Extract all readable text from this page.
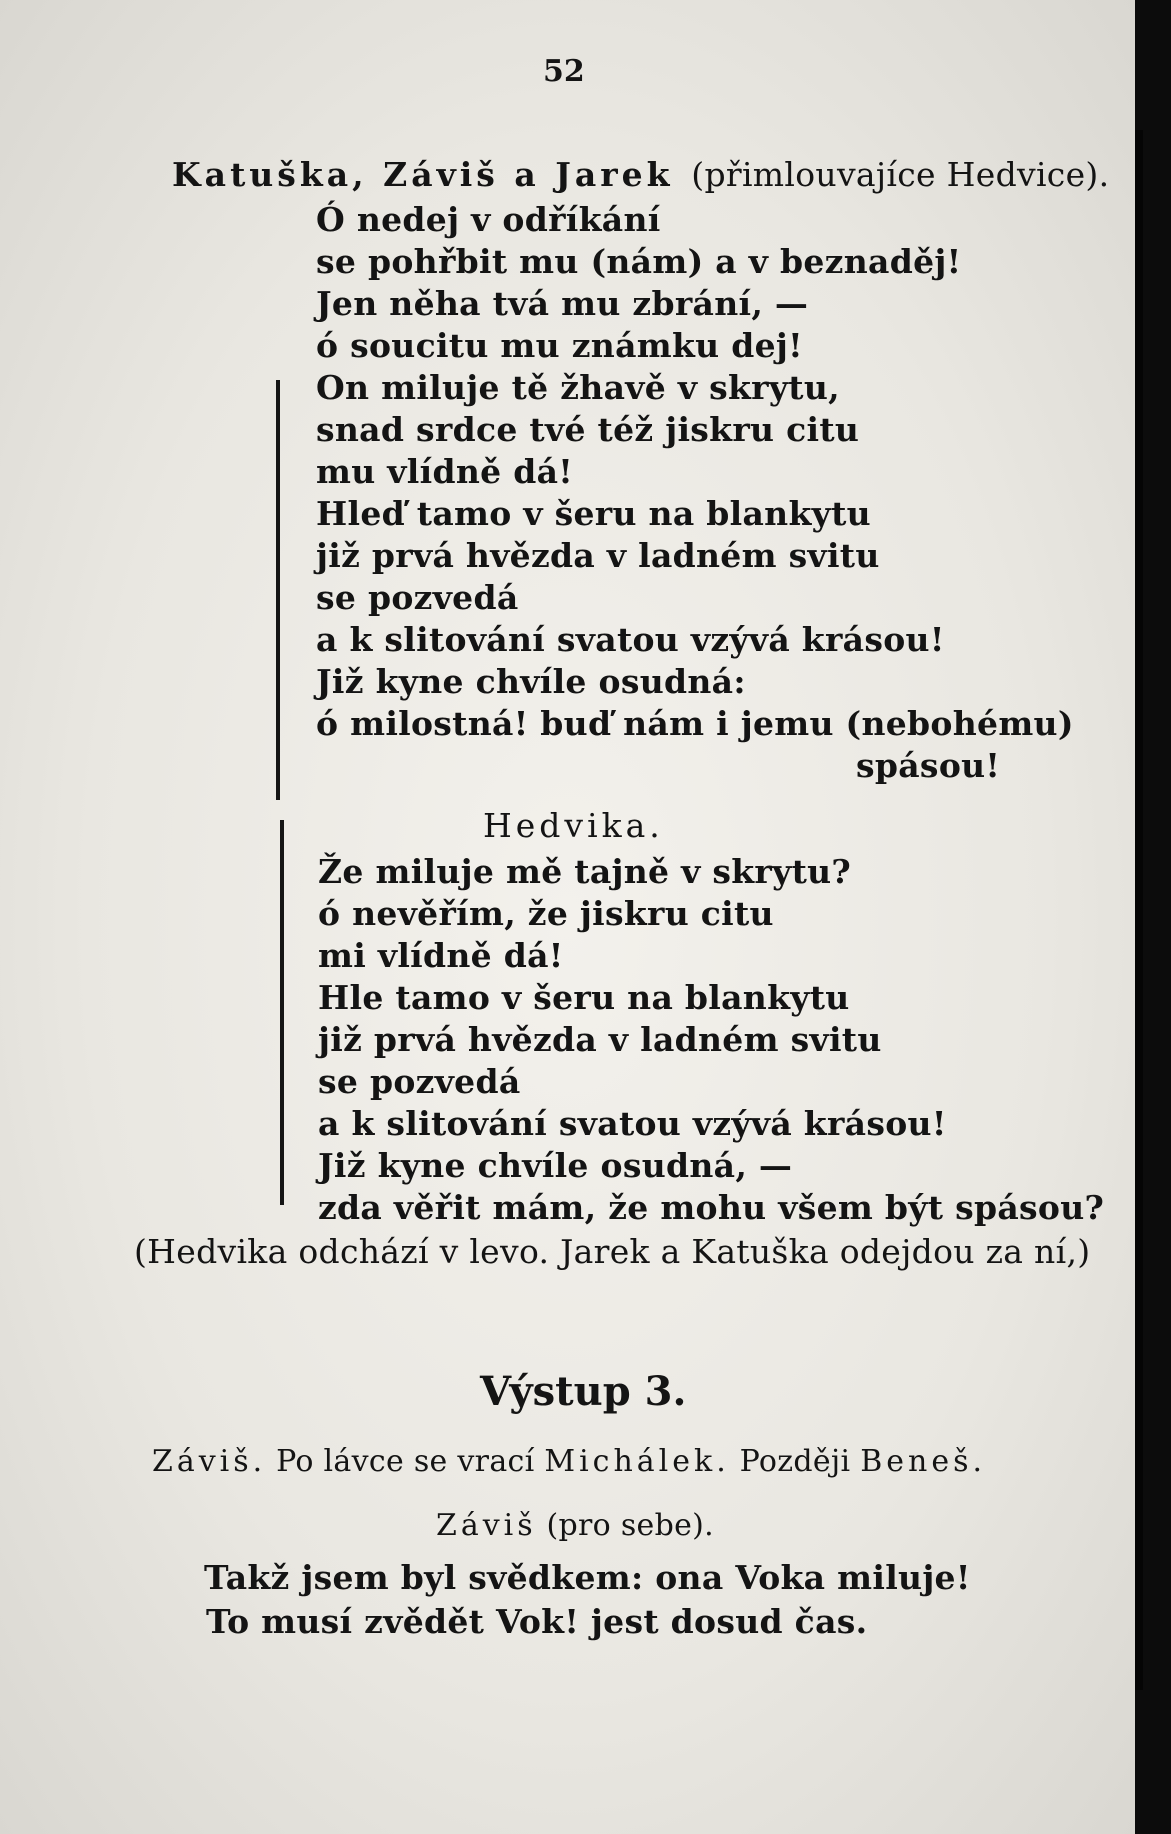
52
Katuška, Záviš a Jarek (přimlouvajíce Hedvice).
Ó nedej v odříkání
se pohřbit mu (nám) a v beznaděj!
Jen něha tvá mu zbrání, —
ó soucitu mu známku dej!
On miluje tě žhavě v skrytu,
snad srdce tvé též jiskru citu
mu vlídně dá!
Hleď tamo v šeru na blankytu
již prvá hvězda v ladném svitu
se pozvedá
a k slitování svatou vzývá krásou!
Již kyne chvíle osudná:
ó milostná! buď nám i jemu (nebohému)
spásou!
Hedvika.
Že miluje mě tajně v skrytu?
ó nevěřím, že jiskru citu
mi vlídně dá!
Hle tamo v šeru na blankytu
již prvá hvězda v ladném svitu
se pozvedá
a k slitování svatou vzývá krásou!
Již kyne chvíle osudná, —
zda věřit mám, že mohu všem být spásou?
(Hedvika odchází v levo. Jarek a Katuška odejdou za ní,)
Výstup 3.
Záviš. Po lávce se vrací Michálek. Později Beneš.
Záviš (pro sebe).
Takž jsem byl svědkem: ona Voka miluje!
To musí zvědět Vok! jest dosud čas.
